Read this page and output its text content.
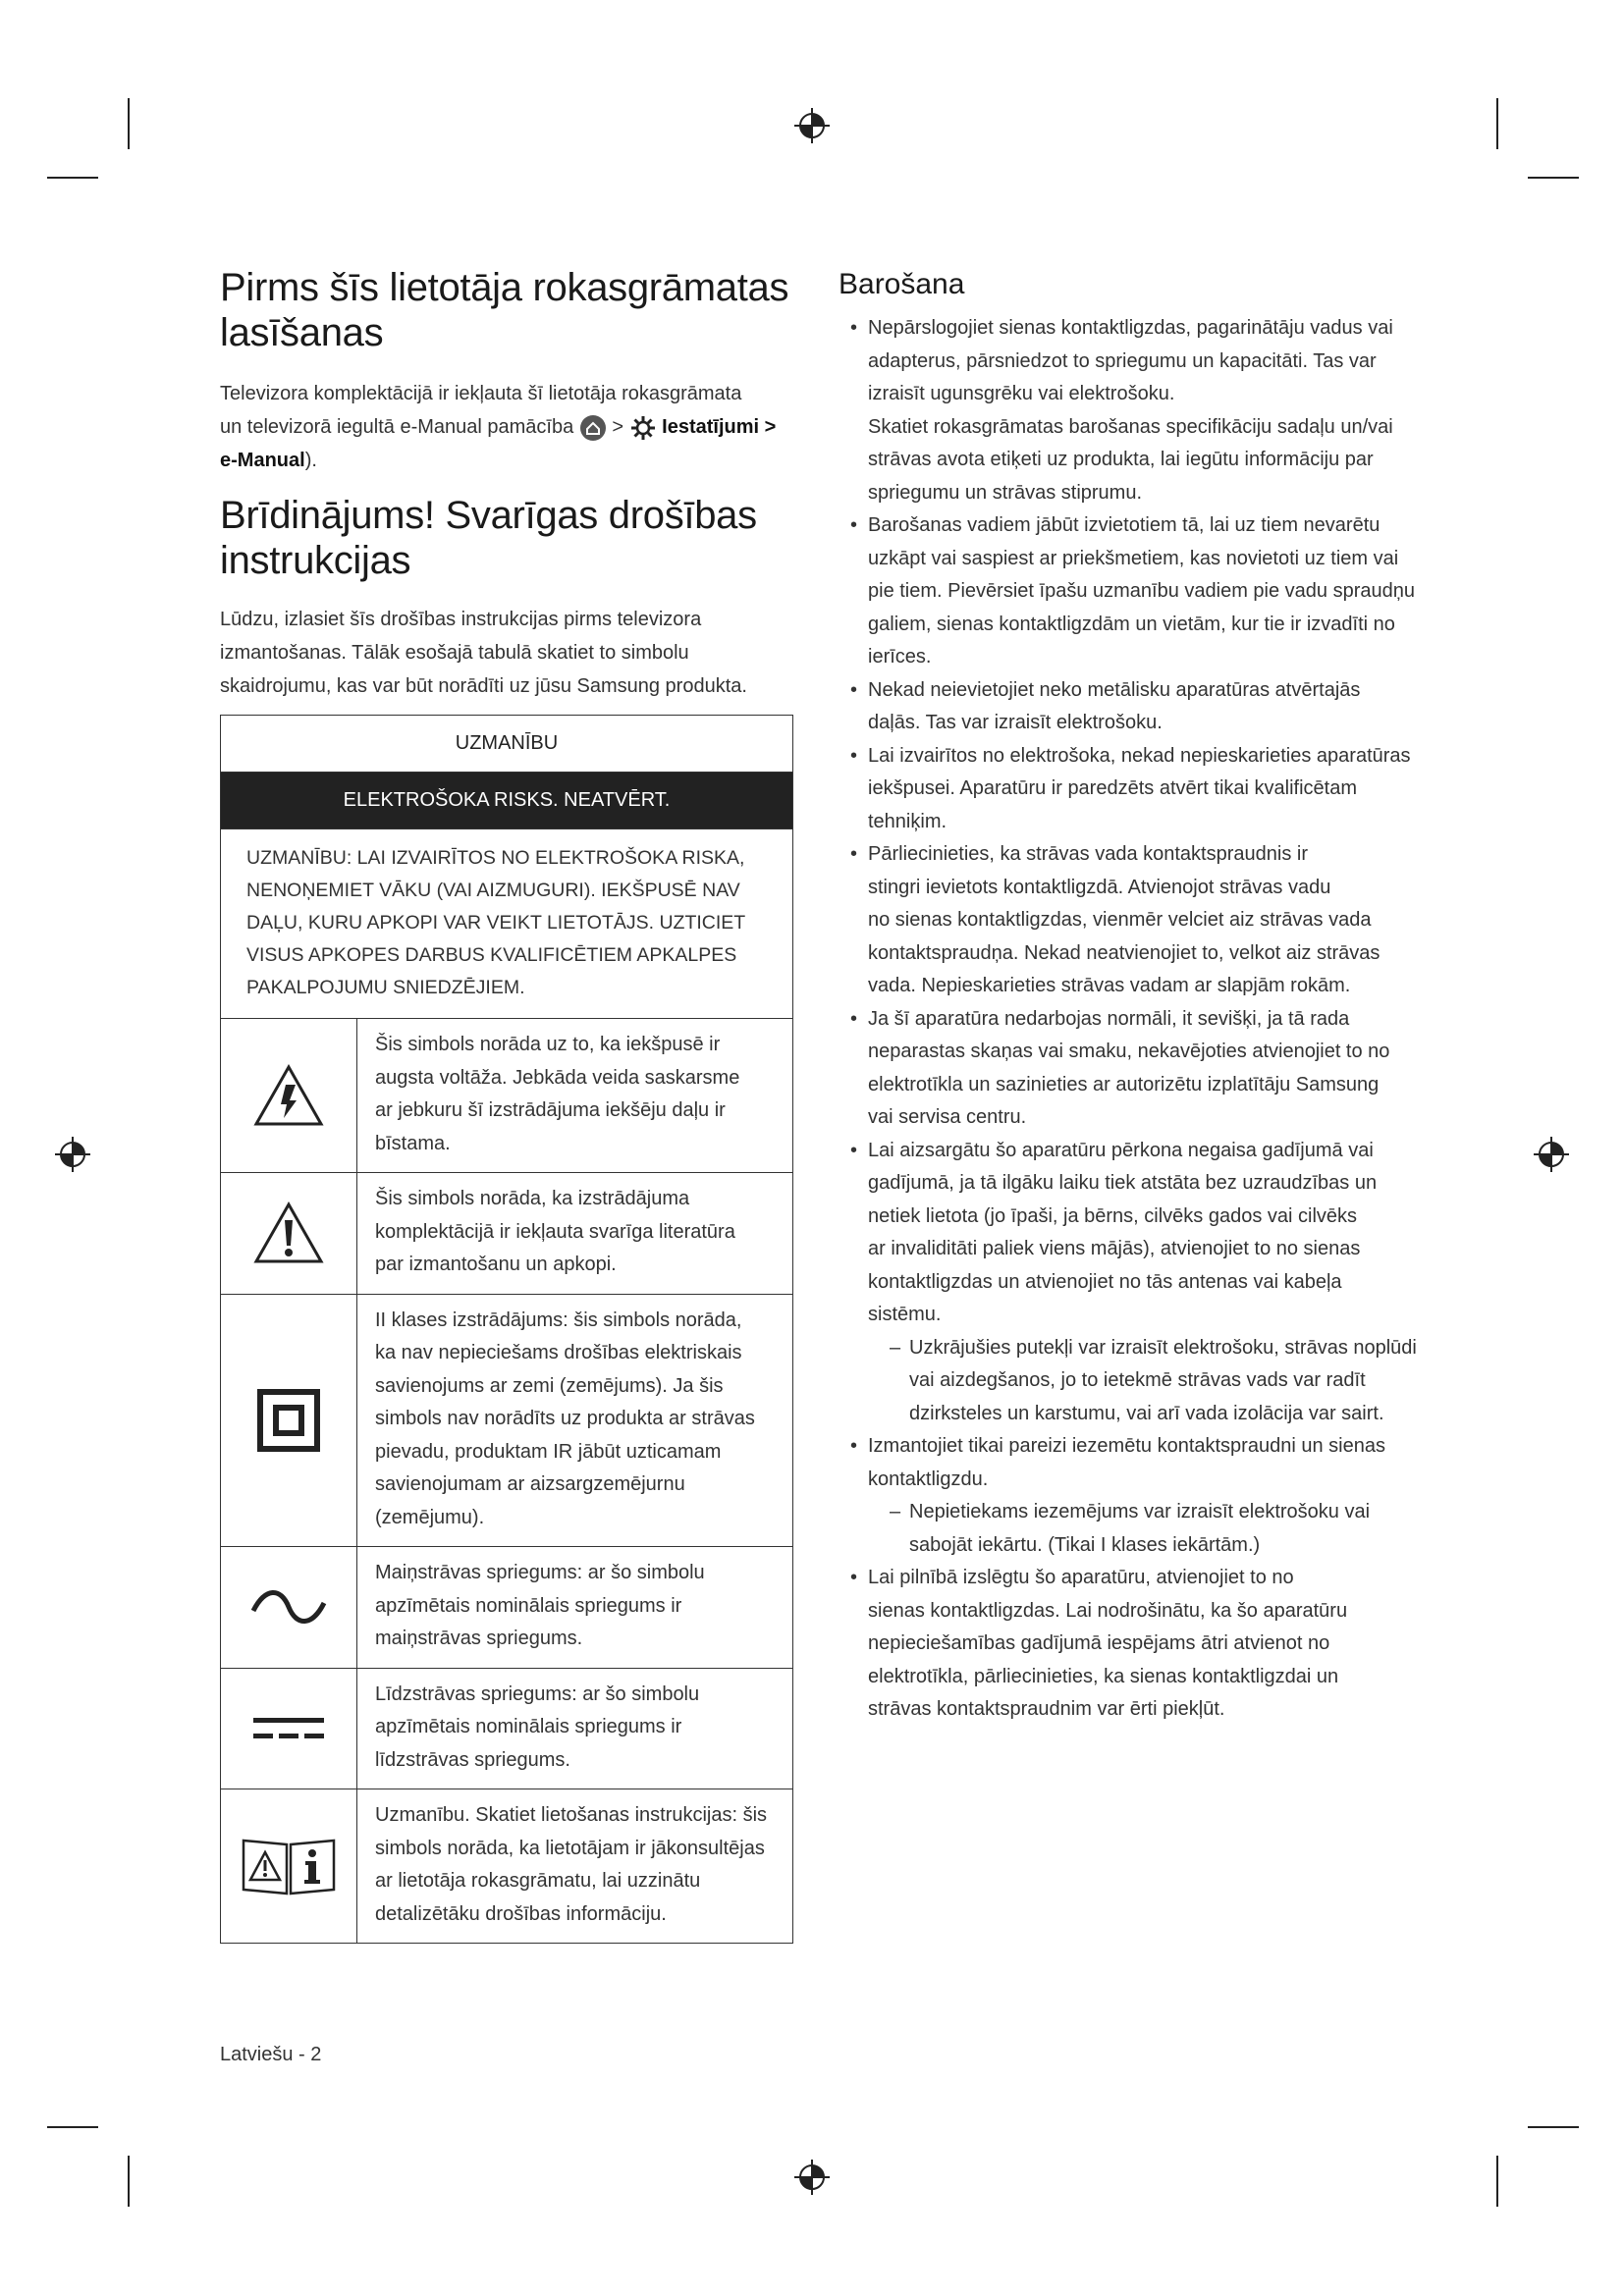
Pirms šīs lietotāja rokasgrāmatas
lasīšanas

Televizora komplektācijā ir iekļauta šī lietotāja rokasgrāmata
un televizorā iegultā e-Manual pamācība > Iestatījumi >
e-Manual).

Brīdinājums! Svarīgas drošības
instrukcijas

Lūdzu, izlasiet šīs drošības instrukcijas pirms televizora
izmantošanas. Tālāk esošajā tabulā skatiet to simbolu
skaidrojumu, kas var būt norādīti uz jūsu Samsung produkta.

UZMANĪBU
ELEKTROŠOKA RISKS. NEATVĒRT.
UZMANĪBU: LAI IZVAIRĪTOS NO ELEKTROŠOKA RISKA,
NENOŅEMIET VĀKU (VAI AIZMUGURI). IEKŠPUSĒ NAV
DAĻU, KURU APKOPI VAR VEIKT LIETOTĀJS. UZTICIET
VISUS APKOPES DARBUS KVALIFICĒTIEM APKALPES
PAKALPOJUMU SNIEDZĒJIEM.
Šis simbols norāda uz to, ka iekšpusē ir
augsta voltāža. Jebkāda veida saskarsme
ar jebkuru šī izstrādājuma iekšēju daļu ir
bīstama.
Šis simbols norāda, ka izstrādājuma
komplektācijā ir iekļauta svarīga literatūra
par izmantošanu un apkopi.
II klases izstrādājums: šis simbols norāda,
ka nav nepieciešams drošības elektriskais
savienojums ar zemi (zemējums). Ja šis
simbols nav norādīts uz produkta ar strāvas
pievadu, produktam IR jābūt uzticamam
savienojumam ar aizsargzemējurnu
(zemējumu).
Maiņstrāvas spriegums: ar šo simbolu
apzīmētais nominālais spriegums ir
maiņstrāvas spriegums.
Līdzstrāvas spriegums: ar šo simbolu
apzīmētais nominālais spriegums ir
līdzstrāvas spriegums.
Uzmanību. Skatiet lietošanas instrukcijas: šis
simbols norāda, ka lietotājam ir jākonsultējas
ar lietotāja rokasgrāmatu, lai uzzinātu
detalizētāku drošības informāciju.
Barošana
• Nepārslogojiet sienas kontaktligzdas, pagarinātāju vadus vai
adapterus, pārsniedzot to spriegumu un kapacitāti. Tas var
izraisīt ugunsgrēku vai elektrošoku.
Skatiet rokasgrāmatas barošanas specifikāciju sadaļu un/vai
strāvas avota etiķeti uz produkta, lai iegūtu informāciju par
spriegumu un strāvas stiprumu.
• Barošanas vadiem jābūt izvietotiem tā, lai uz tiem nevarētu
uzkāpt vai saspiest ar priekšmetiem, kas novietoti uz tiem vai
pie tiem. Pievērsiet īpašu uzmanību vadiem pie vadu spraudņu
galiem, sienas kontaktligzdām un vietām, kur tie ir izvadīti no
ierīces.
• Nekad neievietojiet neko metālisku aparatūras atvērtajās
daļās. Tas var izraisīt elektrošoku.
• Lai izvairītos no elektrošoka, nekad nepieskarieties aparatūras
iekšpusei. Aparatūru ir paredzēts atvērt tikai kvalificētam
tehniķim.
• Pārliecinieties, ka strāvas vada kontaktspraudnis ir
stingri ievietots kontaktligzdā. Atvienojot strāvas vadu
no sienas kontaktligzdas, vienmēr velciet aiz strāvas vada
kontaktspraudņa. Nekad neatvienojiet to, velkot aiz strāvas
vada. Nepieskarieties strāvas vadam ar slapjām rokām.
• Ja šī aparatūra nedarbojas normāli, it sevišķi, ja tā rada
neparastas skaņas vai smaku, nekavējoties atvienojiet to no
elektrotīkla un sazinieties ar autorizētu izplatītāju Samsung
vai servisa centru.
• Lai aizsargātu šo aparatūru pērkona negaisa gadījumā vai
gadījumā, ja tā ilgāku laiku tiek atstāta bez uzraudzības un
netiek lietota (jo īpaši, ja bērns, cilvēks gados vai cilvēks
ar invaliditāti paliek viens mājās), atvienojiet to no sienas
kontaktligzdas un atvienojiet no tās antenas vai kabeļa
sistēmu.
– Uzkrājušies putekļi var izraisīt elektrošoku, strāvas noplūdi
vai aizdegšanos, jo to ietekmē strāvas vads var radīt
dzirksteles un karstumu, vai arī vada izolācija var sairt.
• Izmantojiet tikai pareizi iezemētu kontaktspraudni un sienas
kontaktligzdu.
– Nepietiekams iezemējums var izraisīt elektrošoku vai
sabojāt iekārtu. (Tikai I klases iekārtām.)
• Lai pilnībā izslēgtu šo aparatūru, atvienojiet to no
sienas kontaktligzdas. Lai nodrošinātu, ka šo aparatūru
nepieciešamības gadījumā iespējams ātri atvienot no
elektrotīkla, pārliecinieties, ka sienas kontaktligzdai un
strāvas kontaktspraudnim var ērti piekļūt.
Latviešu - 2
